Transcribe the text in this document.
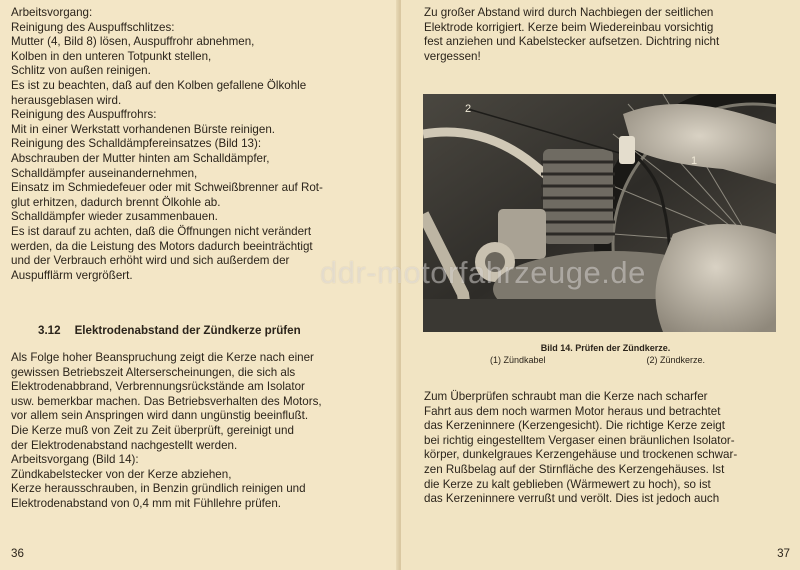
Arbeitsvorgang:

Reinigung des Auspuffschlitzes:

Mutter (4, Bild 8) lösen, Auspuffrohr abnehmen,

Kolben in den unteren Totpunkt stellen,

Schlitz von außen reinigen.

Es ist zu beachten, daß auf den Kolben gefallene Ölkohle

herausgeblasen wird.

Reinigung des Auspuffrohrs:

Mit in einer Werkstatt vorhandenen Bürste reinigen.

Reinigung des Schalldämpfereinsatzes (Bild 13):

Abschrauben der Mutter hinten am Schalldämpfer,

Schalldämpfer auseinandernehmen,

Einsatz im Schmiedefeuer oder mit Schweißbrenner auf Rot-

glut erhitzen, dadurch brennt Ölkohle ab.

Schalldämpfer wieder zusammenbauen.

Es ist darauf zu achten, daß die Öffnungen nicht verändert

werden, da die Leistung des Motors dadurch beeinträchtigt

und der Verbrauch erhöht wird und sich außerdem der

Auspufflärm vergrößert.

3.12 Elektrodenabstand der Zündkerze prüfen

Als Folge hoher Beanspruchung zeigt die Kerze nach einer

gewissen Betriebszeit Alterserscheinungen, die sich als

Elektrodenabbrand, Verbrennungsrückstände am Isolator

usw. bemerkbar machen. Das Betriebsverhalten des Motors,

vor allem sein Anspringen wird dann ungünstig beeinflußt.

Die Kerze muß von Zeit zu Zeit überprüft, gereinigt und

der Elektrodenabstand nachgestellt werden.

Arbeitsvorgang (Bild 14):

Zündkabelstecker von der Kerze abziehen,

Kerze herausschrauben, in Benzin gründlich reinigen und

Elektrodenabstand von 0,4 mm mit Fühllehre prüfen.

36

Zu großer Abstand wird durch Nachbiegen der seitlichen

Elektrode korrigiert. Kerze beim Wiedereinbau vorsichtig

fest anziehen und Kabelstecker aufsetzen. Dichtring nicht

vergessen!

2
1
Bild 14. Prüfen der Zündkerze.
(1) Zündkabel	(2) Zündkerze.

Zum Überprüfen schraubt man die Kerze nach scharfer

Fahrt aus dem noch warmen Motor heraus und betrachtet

das Kerzeninnere (Kerzengesicht). Die richtige Kerze zeigt

bei richtig eingestelltem Vergaser einen bräunlichen Isolator-

körper, dunkelgraues Kerzengehäuse und trockenen schwar-

zen Rußbelag auf der Stirnfläche des Kerzengehäuses. Ist

die Kerze zu kalt geblieben (Wärmewert zu hoch), so ist

das Kerzeninnere verrußt und verölt. Dies ist jedoch auch

37
ddr-motorfahrzeuge.de
